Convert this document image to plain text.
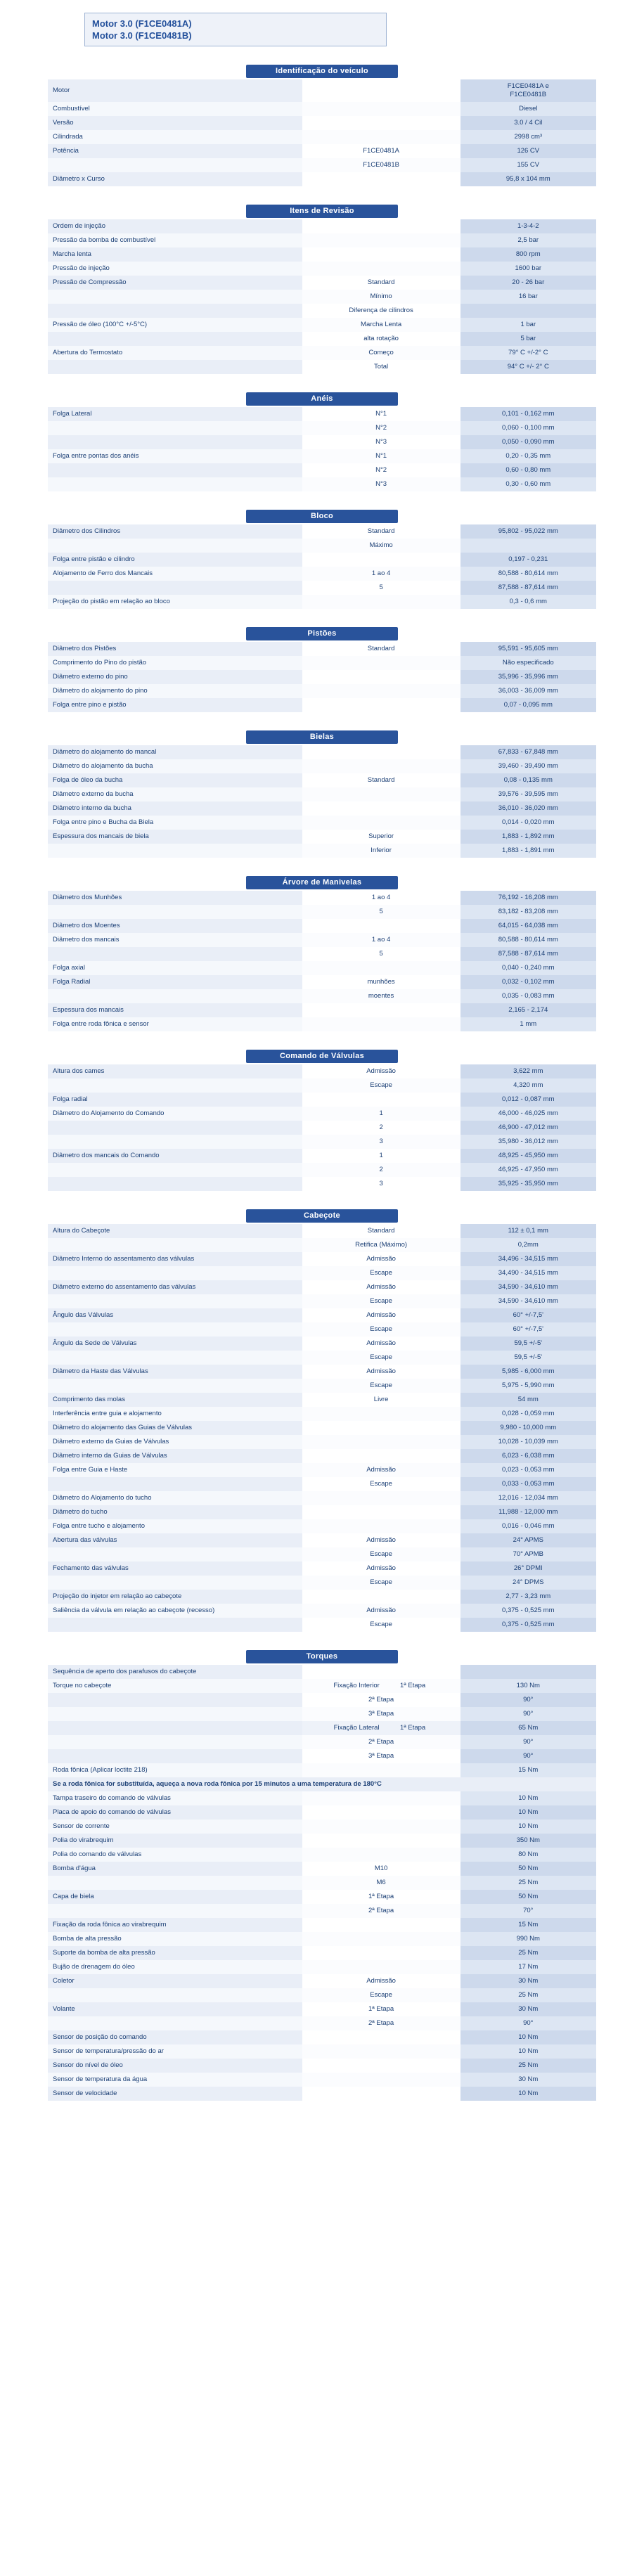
Motor 3.0 (F1CE0481A)
Motor 3.0 (F1CE0481B)
Identificação do veículo
Motor		F1CE0481A e
F1CE0481B

Combustível		Diesel
Versão		3.0 / 4 Cil
Cilindrada		2998 cm³
Potência	F1CE0481A	126 CV
	F1CE0481B	155 CV
Diâmetro x Curso		95,8 x 104 mm
Itens de Revisão
Ordem de injeção		1-3-4-2
Pressão da bomba de combustível		2,5 bar
Marcha lenta		800 rpm
Pressão de injeção		1600 bar
Pressão de Compressão	Standard	20 - 26 bar
	Mínimo	16 bar
	Diferença de cilindros	
Pressão de óleo (100°C +/-5°C)	Marcha Lenta	1 bar
	alta rotação	5 bar
Abertura do Termostato	Começo	79° C +/-2° C
	Total	94° C +/- 2° C
Anéis
Folga Lateral	N°1	0,101 - 0,162 mm
	N°2	0,060 - 0,100 mm
	N°3	0,050 - 0,090 mm
Folga entre pontas dos anéis	N°1	0,20 - 0,35 mm
	N°2	0,60 - 0,80 mm
	N°3	0,30 - 0,60 mm
Bloco
Diâmetro dos Cilindros	Standard	95,802 - 95,022 mm
	Máximo	
Folga entre pistão e cilindro		0,197 - 0,231
Alojamento de Ferro dos Mancais	1 ao 4	80,588 - 80,614 mm
	5	87,588 - 87,614 mm
Projeção do pistão em relação ao bloco		0,3 - 0,6 mm
Pistões
Diâmetro dos Pistões	Standard	95,591 - 95,605 mm
Comprimento do Pino do pistão		Não especificado
Diâmetro externo do pino		35,996 - 35,996 mm
Diâmetro do alojamento do pino		36,003 - 36,009 mm
Folga entre pino e pistão		0,07 - 0,095 mm
Bielas
Diâmetro do alojamento do mancal		67,833 - 67,848 mm
Diâmetro do alojamento da bucha		39,460 - 39,490 mm
Folga de óleo da bucha	Standard	0,08 - 0,135 mm
Diâmetro externo da bucha		39,576 - 39,595 mm
Diâmetro interno da bucha		36,010 - 36,020 mm
Folga entre pino e Bucha da Biela		0,014 - 0,020 mm
Espessura dos mancais de biela	Superior	1,883 - 1,892 mm
	Inferior	1,883 - 1,891 mm
Árvore de Manivelas
Diâmetro dos Munhões	1 ao 4	76,192 - 16,208 mm
	5	83,182 - 83,208 mm
Diâmetro dos Moentes		64,015 - 64,038 mm
Diâmetro dos mancais	1 ao 4	80,588 - 80,614 mm
	5	87,588 - 87,614 mm
Folga axial		0,040 - 0,240 mm
Folga Radial	munhões	0,032 - 0,102 mm
	moentes	0,035 - 0,083 mm
Espessura dos mancais		2,165 - 2,174
Folga entre roda fônica e sensor		1 mm
Comando de Válvulas
Altura dos cames	Admissão	3,622 mm
	Escape	4,320 mm
Folga radial		0,012 - 0,087 mm
Diâmetro do Alojamento do Comando	1	46,000 - 46,025 mm
	2	46,900 - 47,012 mm
	3	35,980 - 36,012 mm
Diâmetro dos mancais do Comando	1	48,925 - 45,950 mm
	2	46,925 - 47,950 mm
	3	35,925 - 35,950 mm
Cabeçote
Altura do Cabeçote	Standard	112 ± 0,1 mm
	Retifica (Máximo)	0,2mm
Diâmetro Interno do assentamento das válvulas	Admissão	34,496 - 34,515 mm
	Escape	34,490 - 34,515 mm
Diâmetro externo do assentamento das válvulas	Admissão	34,590 - 34,610 mm
	Escape	34,590 - 34,610 mm
Ângulo das Válvulas	Admissão	60° +/-7,5'
	Escape	60° +/-7,5'
Ângulo da Sede de Válvulas	Admissão	59,5 +/-5'
	Escape	59,5 +/-5'
Diâmetro da Haste das Válvulas	Admissão	5,985 - 6,000 mm
	Escape	5,975 - 5,990 mm
Comprimento das molas	Livre	54 mm
Interferência entre guia e alojamento		0,028 - 0,059 mm
Diâmetro do alojamento das Guias de Válvulas		9,980 - 10,000 mm
Diâmetro externo da Guias de Válvulas		10,028 - 10,039 mm
Diâmetro interno da Guias de Válvulas		6,023 - 6,038 mm
Folga entre Guia e Haste	Admissão	0,023 - 0,053 mm
	Escape	0,033 - 0,053 mm
Diâmetro do Alojamento do tucho		12,016 - 12,034 mm
Diâmetro do tucho		11,988 - 12,000 mm
Folga entre tucho e alojamento		0,016 - 0,046 mm
Abertura das válvulas	Admissão	24° APMS
	Escape	70° APMB
Fechamento das válvulas	Admissão	26° DPMI
	Escape	24° DPMS
Projeção do injetor em relação ao cabeçote		2,77 - 3,23 mm
Saliência da válvula em relação ao cabeçote (recesso)	Admissão	0,375 - 0,525 mm
	Escape	0,375 - 0,525 mm
Torques
Sequência de aperto dos parafusos do cabeçote		
Torque no cabeçote	Fixação Interior 1ª Etapa	130 Nm
	2ª Etapa	90°
	3ª Etapa	90°
	Fixação Lateral 1ª Etapa	65 Nm
	2ª Etapa	90°
	3ª Etapa	90°
Roda fônica (Aplicar loctite 218)		15 Nm
Se a roda fônica for substituída, aqueça a nova roda fônica por 15 minutos a uma temperatura de 180°C		
Tampa traseiro do comando de válvulas		10 Nm
Placa de apoio do comando de válvulas		10 Nm
Sensor de corrente		10 Nm
Polia do virabrequim		350 Nm
Polia do comando de válvulas		80 Nm
Bomba d'água	M10	50 Nm
	M6	25 Nm
Capa de biela	1ª Etapa	50 Nm
	2ª Etapa	70°
Fixação da roda fônica ao virabrequim		15 Nm
Bomba de alta pressão		990 Nm
Suporte da bomba de alta pressão		25 Nm
Bujão de drenagem do óleo		17 Nm
Coletor	Admissão	30 Nm
	Escape	25 Nm
Volante	1ª Etapa	30 Nm
	2ª Etapa	90°
Sensor de posição do comando		10 Nm
Sensor de temperatura/pressão do ar		10 Nm
Sensor do nível de óleo		25 Nm
Sensor de temperatura da água		30 Nm
Sensor de velocidade		10 Nm
